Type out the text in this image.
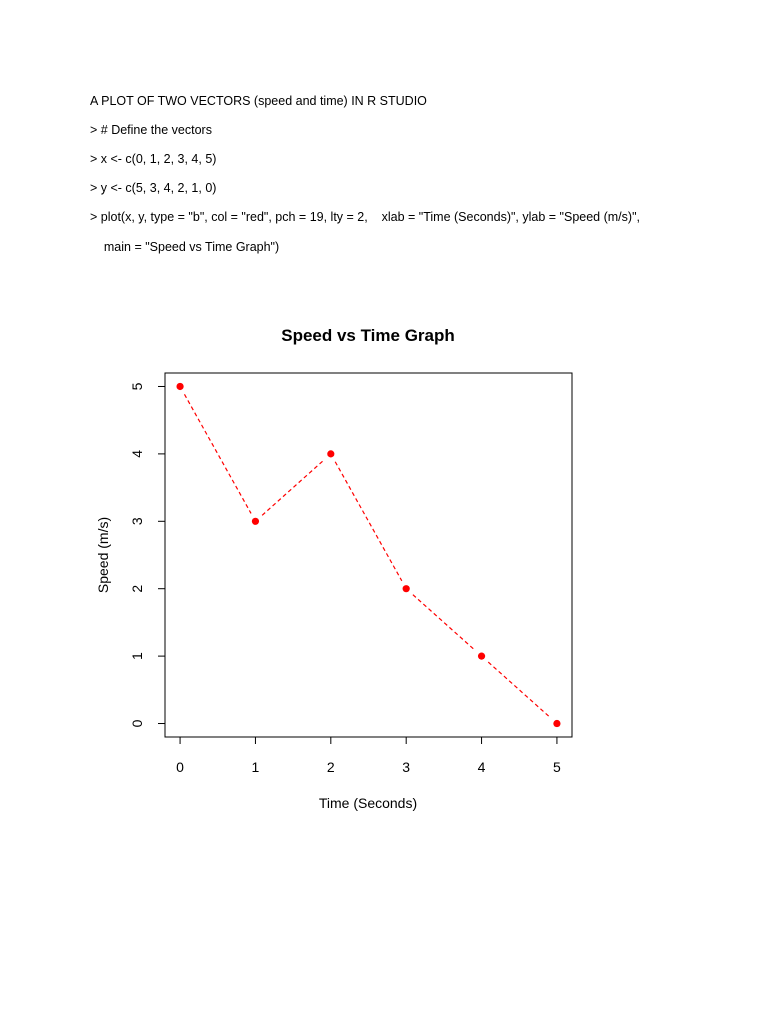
A PLOT OF TWO VECTORS (speed and time) IN R STUDIO
> # Define the vectors
> x <- c(0, 1, 2, 3, 4, 5)
> y <- c(5, 3, 4, 2, 1, 0)
> plot(x, y, type = "b", col = "red", pch = 19, lty = 2,    xlab = "Time (Seconds)", ylab = "Speed (m/s)",
main = "Speed vs Time Graph")
Speed vs Time Graph
0	1	2	3	4	5
0
1
2
3
4
5
Time (Seconds)
Speed (m/s)
